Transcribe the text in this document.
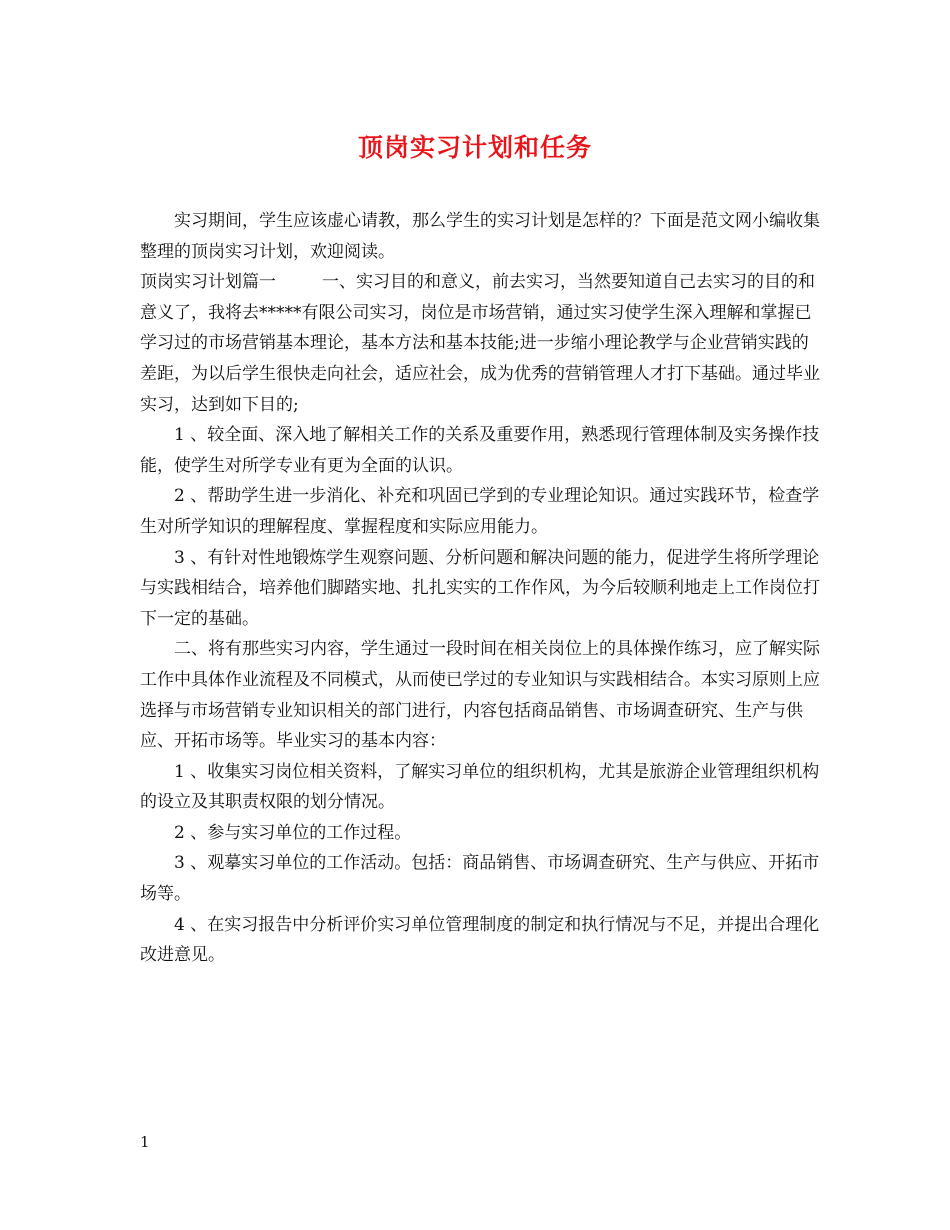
顶岗实习计划和任务

实习期间，学生应该虚心请教，那么学生的实习计划是怎样的？下面是范文网小编收集整理的顶岗实习计划，欢迎阅读。

顶岗实习计划篇一	一、实习目的和意义，前去实习，当然要知道自己去实习的目的和意义了，我将去*****有限公司实习，岗位是市场营销，通过实习使学生深入理解和掌握已学习过的市场营销基本理论，基本方法和基本技能;进一步缩小理论教学与企业营销实践的差距，为以后学生很快走向社会，适应社会，成为优秀的营销管理人才打下基础。通过毕业实习，达到如下目的;

1 、较全面、深入地了解相关工作的关系及重要作用，熟悉现行管理体制及实务操作技能，使学生对所学专业有更为全面的认识。

2 、帮助学生进一步消化、补充和巩固已学到的专业理论知识。通过实践环节，检查学生对所学知识的理解程度、掌握程度和实际应用能力。

3 、有针对性地锻炼学生观察问题、分析问题和解决问题的能力，促进学生将所学理论与实践相结合，培养他们脚踏实地、扎扎实实的工作作风，为今后较顺利地走上工作岗位打下一定的基础。

二、将有那些实习内容，学生通过一段时间在相关岗位上的具体操作练习，应了解实际工作中具体作业流程及不同模式，从而使已学过的专业知识与实践相结合。本实习原则上应选择与市场营销专业知识相关的部门进行，内容包括商品销售、市场调查研究、生产与供应、开拓市场等。毕业实习的基本内容：

1 、收集实习岗位相关资料，了解实习单位的组织机构，尤其是旅游企业管理组织机构的设立及其职责权限的划分情况。

2 、参与实习单位的工作过程。

3 、观摹实习单位的工作活动。包括：商品销售、市场调查研究、生产与供应、开拓市场等。

4 、在实习报告中分析评价实习单位管理制度的制定和执行情况与不足，并提出合理化改进意见。

1
